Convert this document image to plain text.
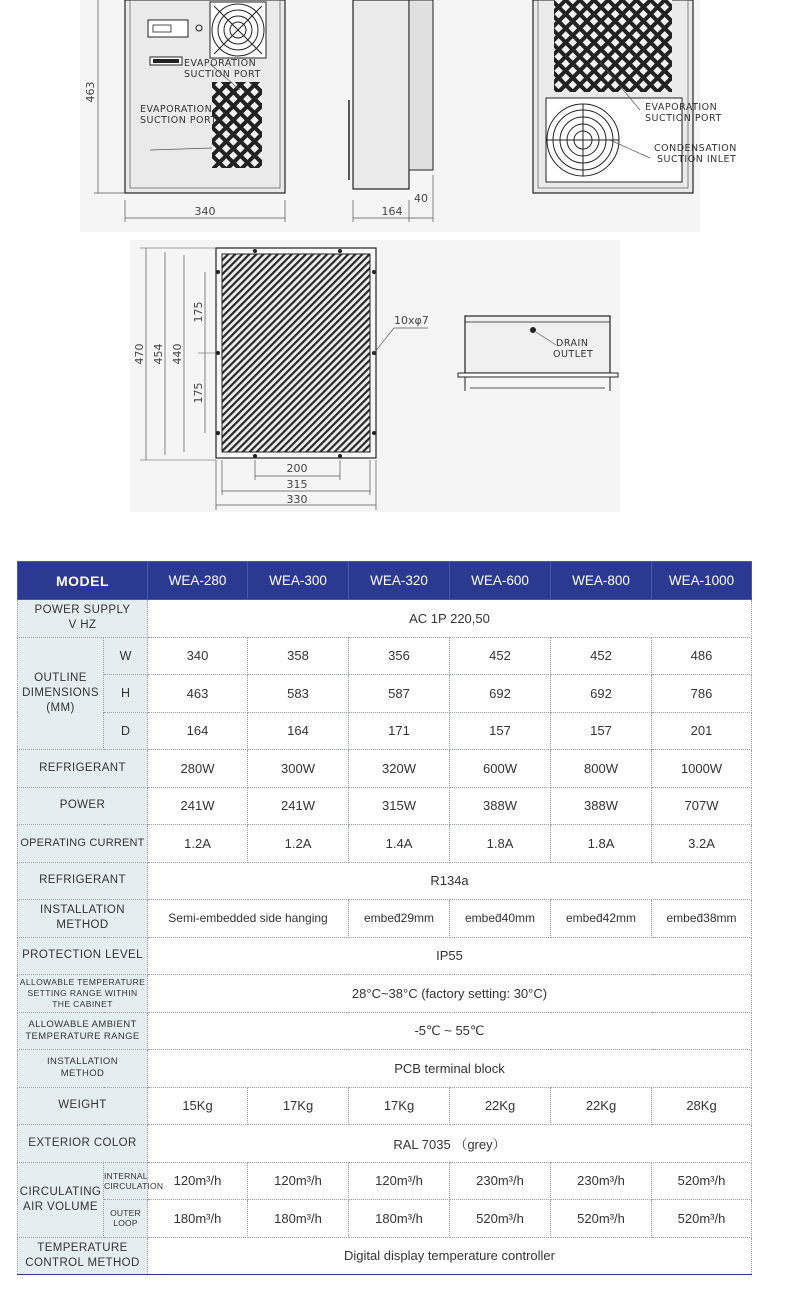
463
340
EVAPORATION
SUCTION PORT
EVAPORATION
SUCTION PORT
164
40
EVAPORATION
SUCTION PORT
CONDENSATION
SUCTION INLET
470 454 440
175
175
200
315
330
10xφ7
DRAIN
OUTLET
MODEL		WEA-280	WEA-300	WEA-320	WEA-600	WEA-800	WEA-1000
POWER SUPPLY
V HZ		AC 1P 220,50					
OUTLINE
DIMENSIONS
(MM)	W	340	358	356	452	452	486
	H	463	583	587	692	692	786
	D	164	164	171	157	157	201
REFRIGERANT		280W	300W	320W	600W	800W	1000W
POWER		241W	241W	315W	388W	388W	707W
OPERATING CURRENT		1.2A	1.2A	1.4A	1.8A	1.8A	3.2A
REFRIGERANT		R134a					
INSTALLATION
METHOD		Semi-embedded side hanging		embed̄29mm	embed̄40mm	embed̄42mm	embed̄38mm
PROTECTION LEVEL		IP55					
ALLOWABLE TEMPERATURE
SETTING RANGE WITHIN
THE CABINET		28°C~38°C (factory setting: 30°C)					
ALLOWABLE AMBIENT
TEMPERATURE RANGE		-5℃ ~ 55℃					
INSTALLATION
METHOD		PCB terminal block					
WEIGHT		15Kg	17Kg	17Kg	22Kg	22Kg	28Kg
EXTERIOR COLOR		RAL 7035 （grey）					
CIRCULATING
AIR VOLUME	INTERNAL
CIRCULATION	120m³/h	120m³/h	120m³/h	230m³/h	230m³/h	520m³/h
	OUTER
LOOP	180m³/h	180m³/h	180m³/h	520m³/h	520m³/h	520m³/h
TEMPERATURE
CONTROL METHOD		Digital display temperature controller					
